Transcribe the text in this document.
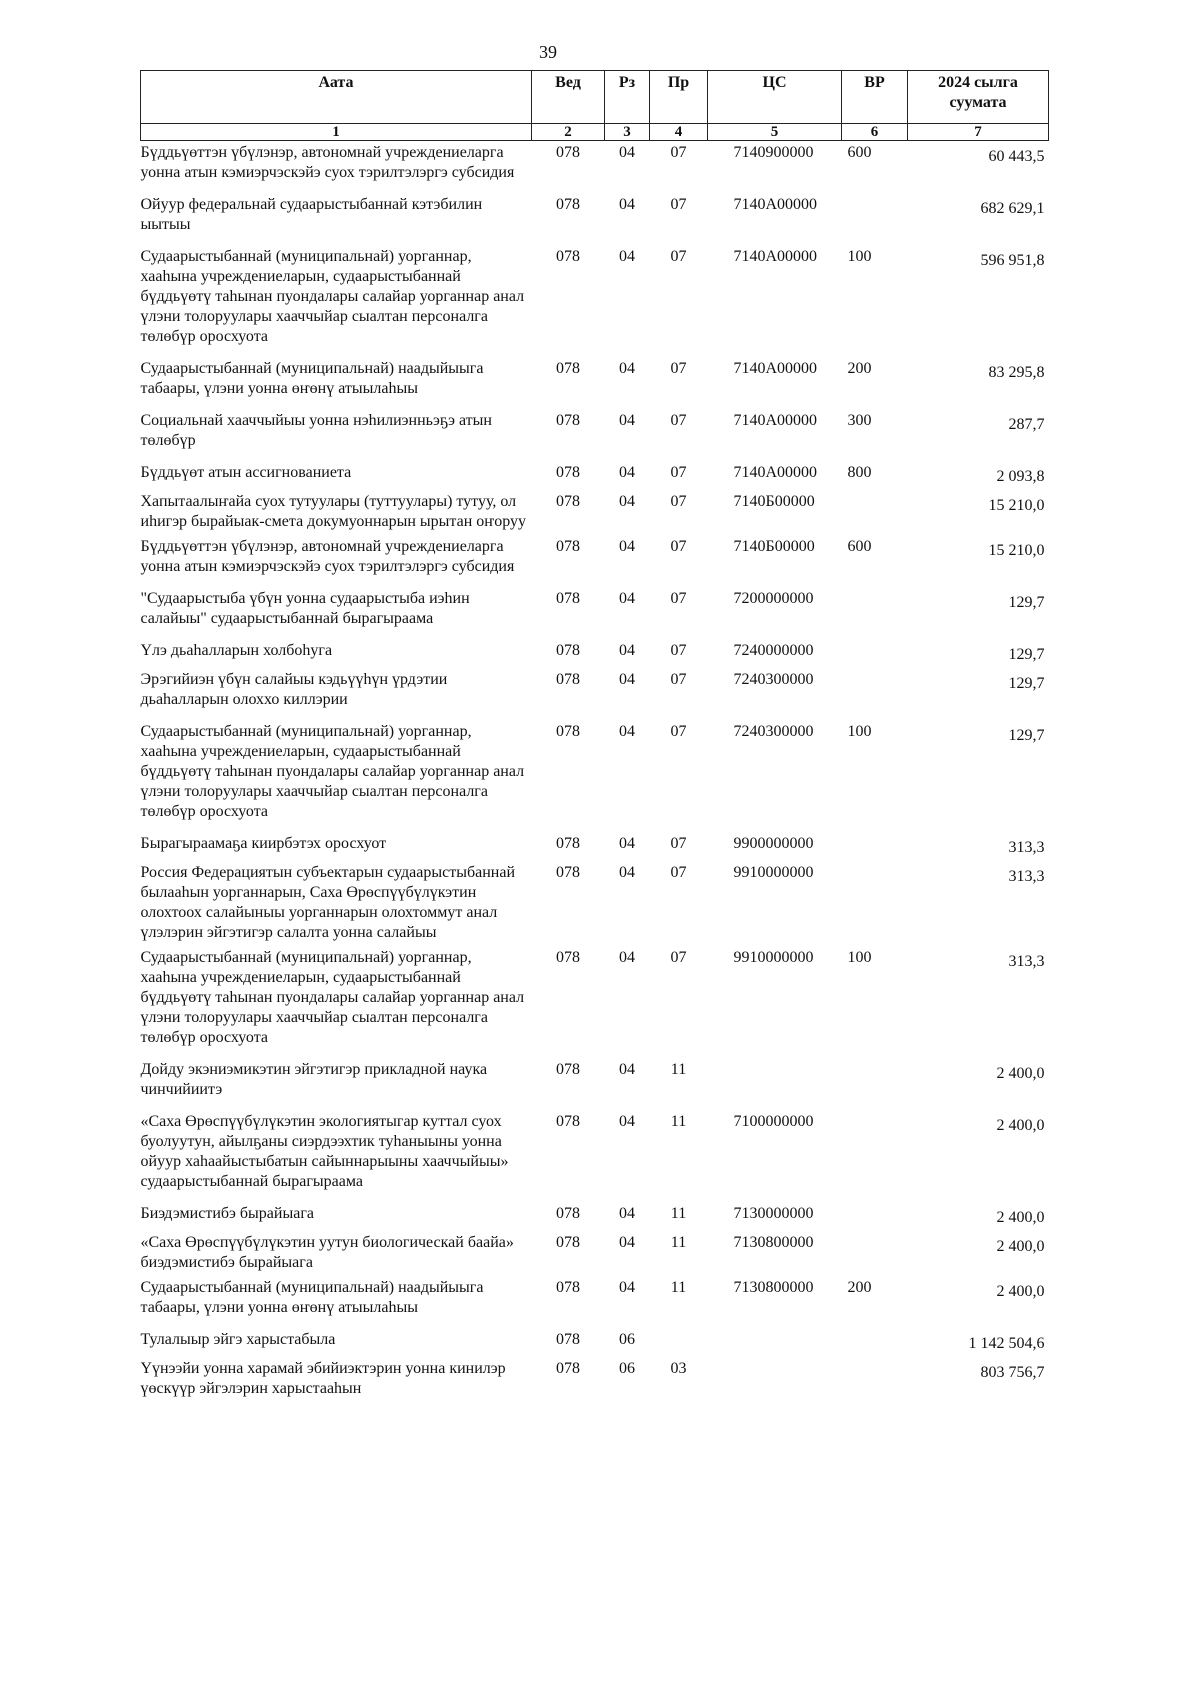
39
Аата	Вед	Рз	Пр	ЦС	ВР	2024 сылга суумата
1	2	3	4	5	6	7
Бүддьүөттэн үбүлэнэр, автономнай учреждениеларга уонна атын кэмиэрчэскэйэ суох тэрилтэлэргэ субсидия	078	04	07	7140900000	600	60 443,5
Ойуур федеральнай судаарыстыбаннай кэтэбилин ыытыы	078	04	07	7140А00000		682 629,1
Судаарыстыбаннай (муниципальнай) уорганнар, хааһына учреждениеларын, судаарыстыбаннай бүддьүөтү таһынан пуондалары салайар уорганнар анал үлэни толоруулары хааччыйар сыалтан персоналга төлөбүр оросхуота	078	04	07	7140А00000	100	596 951,8
Судаарыстыбаннай (муниципальнай) наадыйыыга табаары, үлэни уонна өҥөнү атыылаһыы	078	04	07	7140А00000	200	83 295,8
Социальнай хааччыйыы уонна нэһилиэнньэҕэ атын төлөбүр	078	04	07	7140А00000	300	287,7
Бүддьүөт атын ассигнованиета	078	04	07	7140А00000	800	2 093,8
Хапытаалыҥайа суох тутуулары (туттуулары) тутуу, ол иһигэр бырайыак-смета докумуоннарын ырытан оҥоруу	078	04	07	7140Б00000		15 210,0
Бүддьүөттэн үбүлэнэр, автономнай учреждениеларга уонна атын кэмиэрчэскэйэ суох тэрилтэлэргэ субсидия	078	04	07	7140Б00000	600	15 210,0
"Судаарыстыба үбүн уонна судаарыстыба иэһин салайыы" судаарыстыбаннай бырагыраама	078	04	07	7200000000		129,7
Үлэ дьаһалларын холбоһуга	078	04	07	7240000000		129,7
Эрэгийиэн үбүн салайыы кэдьүүһүн үрдэтии дьаһалларын олоххо киллэрии	078	04	07	7240300000		129,7
Судаарыстыбаннай (муниципальнай) уорганнар, хааһына учреждениеларын, судаарыстыбаннай бүддьүөтү таһынан пуондалары салайар уорганнар анал үлэни толоруулары хааччыйар сыалтан персоналга төлөбүр оросхуота	078	04	07	7240300000	100	129,7
Бырагыраамаҕа киирбэтэх оросхуот	078	04	07	9900000000		313,3
Россия Федерациятын субъектарын судаарыстыбаннай былааһын уорганнарын, Саха Өрөспүүбүлүкэтин олохтоох салайыныы уорганнарын олохтоммут анал үлэлэрин эйгэтигэр салалта уонна салайыы	078	04	07	9910000000		313,3
Судаарыстыбаннай (муниципальнай) уорганнар, хааһына учреждениеларын, судаарыстыбаннай бүддьүөтү таһынан пуондалары салайар уорганнар анал үлэни толоруулары хааччыйар сыалтан персоналга төлөбүр оросхуота	078	04	07	9910000000	100	313,3
Дойду экэниэмикэтин эйгэтигэр прикладной наука чинчийиитэ	078	04	11			2 400,0
«Саха Өрөспүүбүлүкэтин экологиятыгар куттал суох буолуутун, айылҕаны сиэрдээхтик туһаныыны уонна ойуур хаһаайыстыбатын сайыннарыыны хааччыйыы» судаарыстыбаннай бырагыраама	078	04	11	7100000000		2 400,0
Биэдэмистибэ бырайыага	078	04	11	7130000000		2 400,0
«Саха Өрөспүүбүлүкэтин уутун биологическай баайа» биэдэмистибэ бырайыага	078	04	11	7130800000		2 400,0
Судаарыстыбаннай (муниципальнай) наадыйыыга табаары, үлэни уонна өҥөнү атыылаһыы	078	04	11	7130800000	200	2 400,0
Тулалыыр эйгэ харыстабыла	078	06				1 142 504,6
Үүнээйи уонна харамай эбийиэктэрин уонна кинилэр үөскүүр эйгэлэрин харыстааһын	078	06	03			803 756,7
